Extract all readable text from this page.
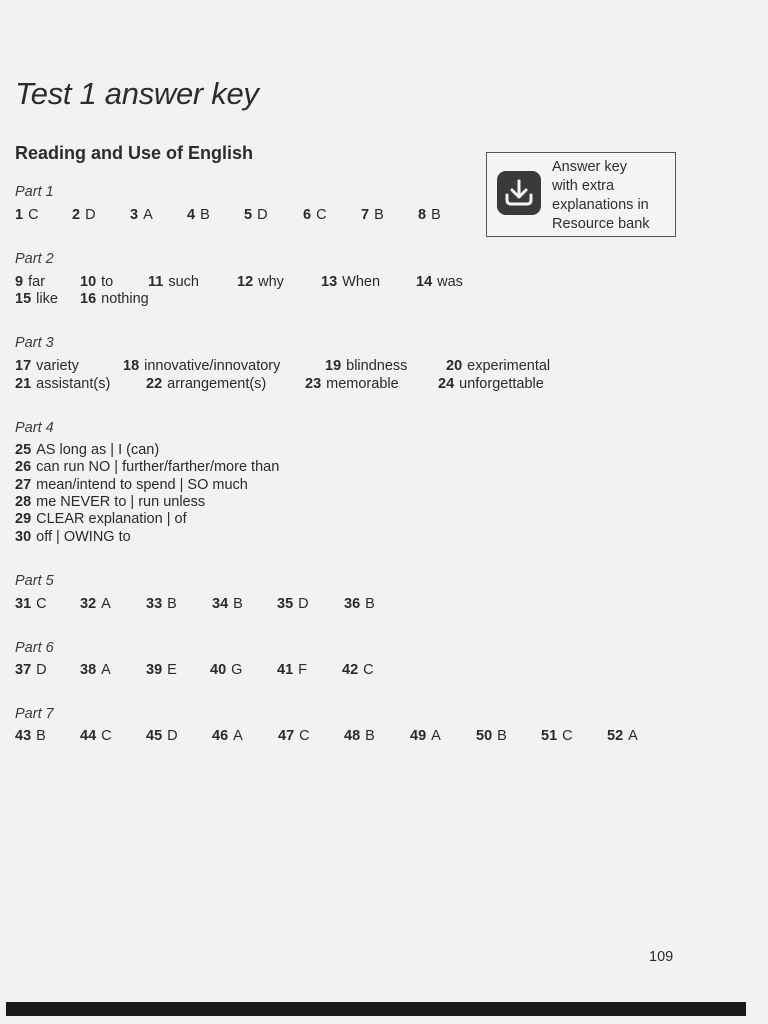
Test 1 answer key
Reading and Use of English
Answer key
with extra
explanations in
Resource bank
Part 1
1 C 2 D 3 A 4 B 5 D 6 C 7 B 8 B
Part 2
9 far 10 to 11 such	12 why	13 When 14 was
15 like 16 nothing
Part 3
17 variety	18 innovative/innovatory	19 blindness	20 experimental
21 assistant(s) 22 arrangement(s)	23 memorable	24 unforgettable
Part 4
25 AS long as | I (can)
26 can run NO | further/farther/more than
27 mean/intend to spend | SO much
28 me NEVER to | run unless
29 CLEAR explanation | of
30 off | OWING to
Part 5
31 C 32 A 33 B 34 B 35 D 36 B
Part 6
37 D 38 A 39 E 40 G 41 F 42 C
Part 7
43 B 44 C 45 D 46 A 47 C 48 B 49 A 50 B 51 C 52 A
109
